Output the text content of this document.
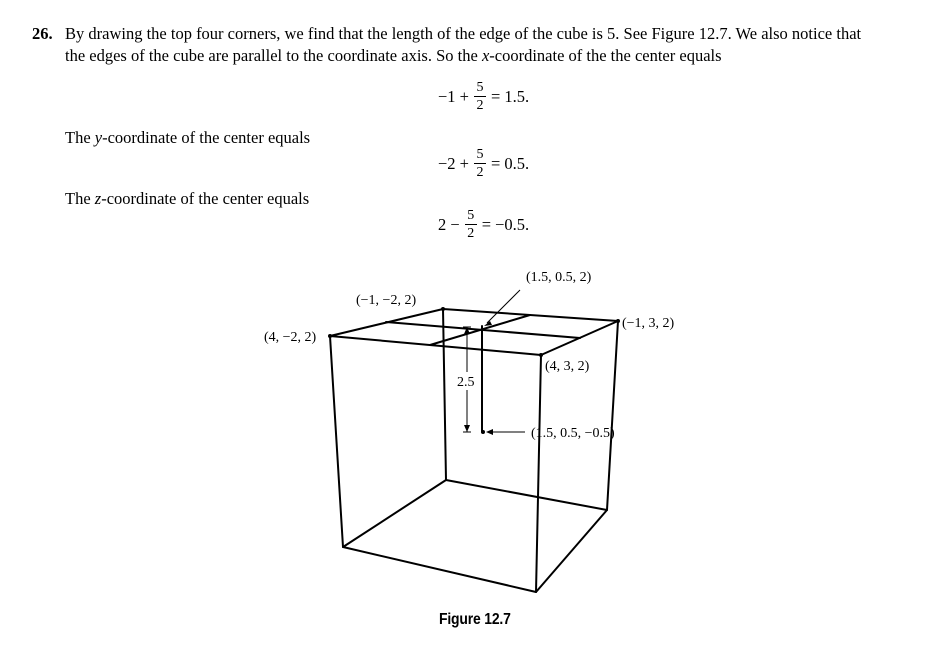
26. By drawing the top four corners, we find that the length of the edge of the cube is 5. See Figure 12.7. We also notice that
the edges of the cube are parallel to the coordinate axis. So the x-coordinate of the the center equals
$-1 + \frac{5}{2} = 1.5$.
The y-coordinate of the center equals
$-2 + \frac{5}{2} = 0.5$.
The z-coordinate of the center equals
$2 - \frac{5}{2} = -0.5$.
2.5
(−1, −2, 2)
(4, −2, 2)
(−1, 3, 2)
(4, 3, 2)
(1.5, 0.5, 2)
(1.5, 0.5, −0.5)
Figure 12.7
